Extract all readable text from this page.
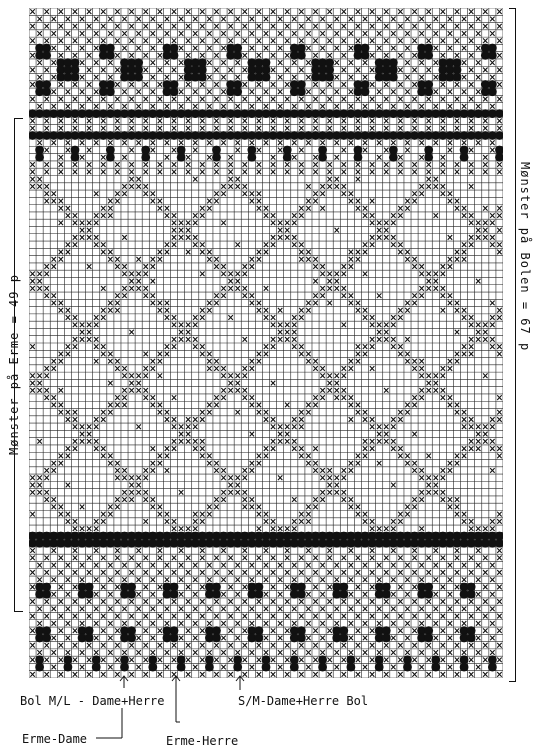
Mønster på Erme = 49 p
Mønster på Bolen = 67 p
Bol M/L - Dame+Herre	S/M-Dame+Herre Bol
Erme-Dame	Erme-Herre
